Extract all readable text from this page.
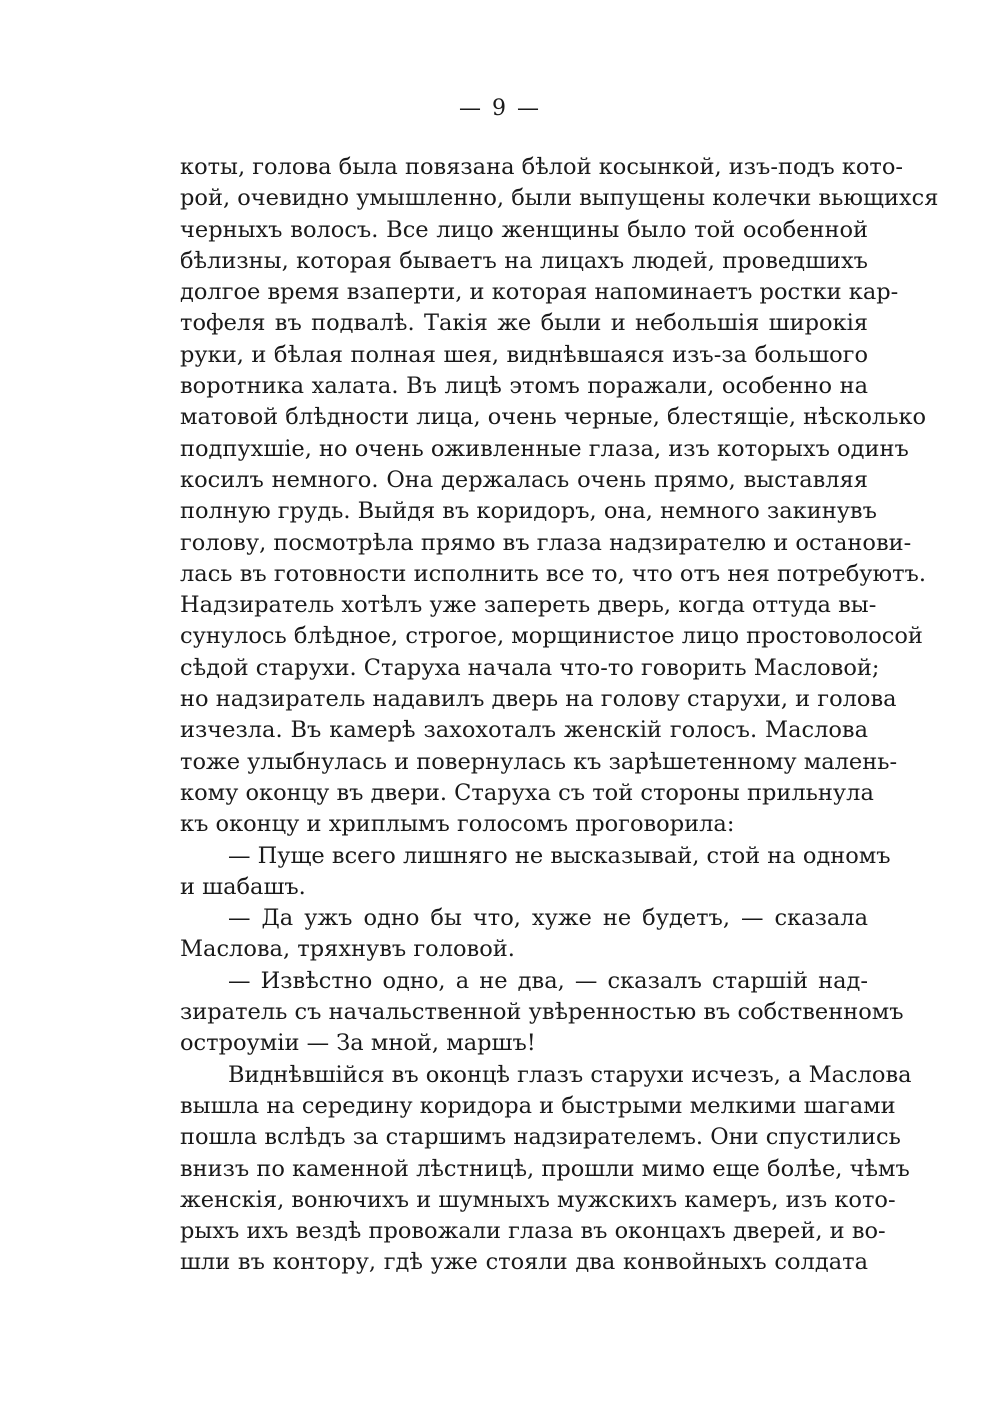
— 9 —
коты, голова была повязана бѣлой косынкой, изъ-подъ кото-
рой, очевидно умышленно, были выпущены колечки вьющихся
черныхъ волосъ. Все лицо женщины было той особенной
бѣлизны, которая бываетъ на лицахъ людей, проведшихъ
долгое время взаперти, и которая напоминаетъ ростки кар-
тофеля въ подвалѣ. Такія же были и небольшія широкія
руки, и бѣлая полная шея, виднѣвшаяся изъ-за большого
воротника халата. Въ лицѣ этомъ поражали, особенно на
матовой блѣдности лица, очень черные, блестящіе, нѣсколько
подпухшіе, но очень оживленные глаза, изъ которыхъ одинъ
косилъ немного. Она держалась очень прямо, выставляя
полную грудь. Выйдя въ коридоръ, она, немного закинувъ
голову, посмотрѣла прямо въ глаза надзирателю и останови-
лась въ готовности исполнить все то, что отъ нея потребуютъ.
Надзиратель хотѣлъ уже запереть дверь, когда оттуда вы-
сунулось блѣдное, строгое, морщинистое лицо простоволосой
сѣдой старухи. Старуха начала что-то говорить Масловой;
но надзиратель надавилъ дверь на голову старухи, и голова
изчезла. Въ камерѣ захохоталъ женскій голосъ. Маслова
тоже улыбнулась и повернулась къ зарѣшетенному малень-
кому оконцу въ двери. Старуха съ той стороны прильнула
къ оконцу и хриплымъ голосомъ проговорила:
— Пуще всего лишняго не высказывай, стой на одномъ
и шабашъ.
— Да ужъ одно бы что, хуже не будетъ, — сказала
Маслова, тряхнувъ головой.
— Извѣстно одно, а не два, — сказалъ старшій над-
зиратель съ начальственной увѣренностью въ собственномъ
остроуміи — За мной, маршъ!
Виднѣвшійся въ оконцѣ глазъ старухи исчезъ, а Маслова
вышла на середину коридора и быстрыми мелкими шагами
пошла вслѣдъ за старшимъ надзирателемъ. Они спустились
внизъ по каменной лѣстницѣ, прошли мимо еще болѣе, чѣмъ
женскія, вонючихъ и шумныхъ мужскихъ камеръ, изъ кото-
рыхъ ихъ вездѣ провожали глаза въ оконцахъ дверей, и во-
шли въ контору, гдѣ уже стояли два конвойныхъ солдата
